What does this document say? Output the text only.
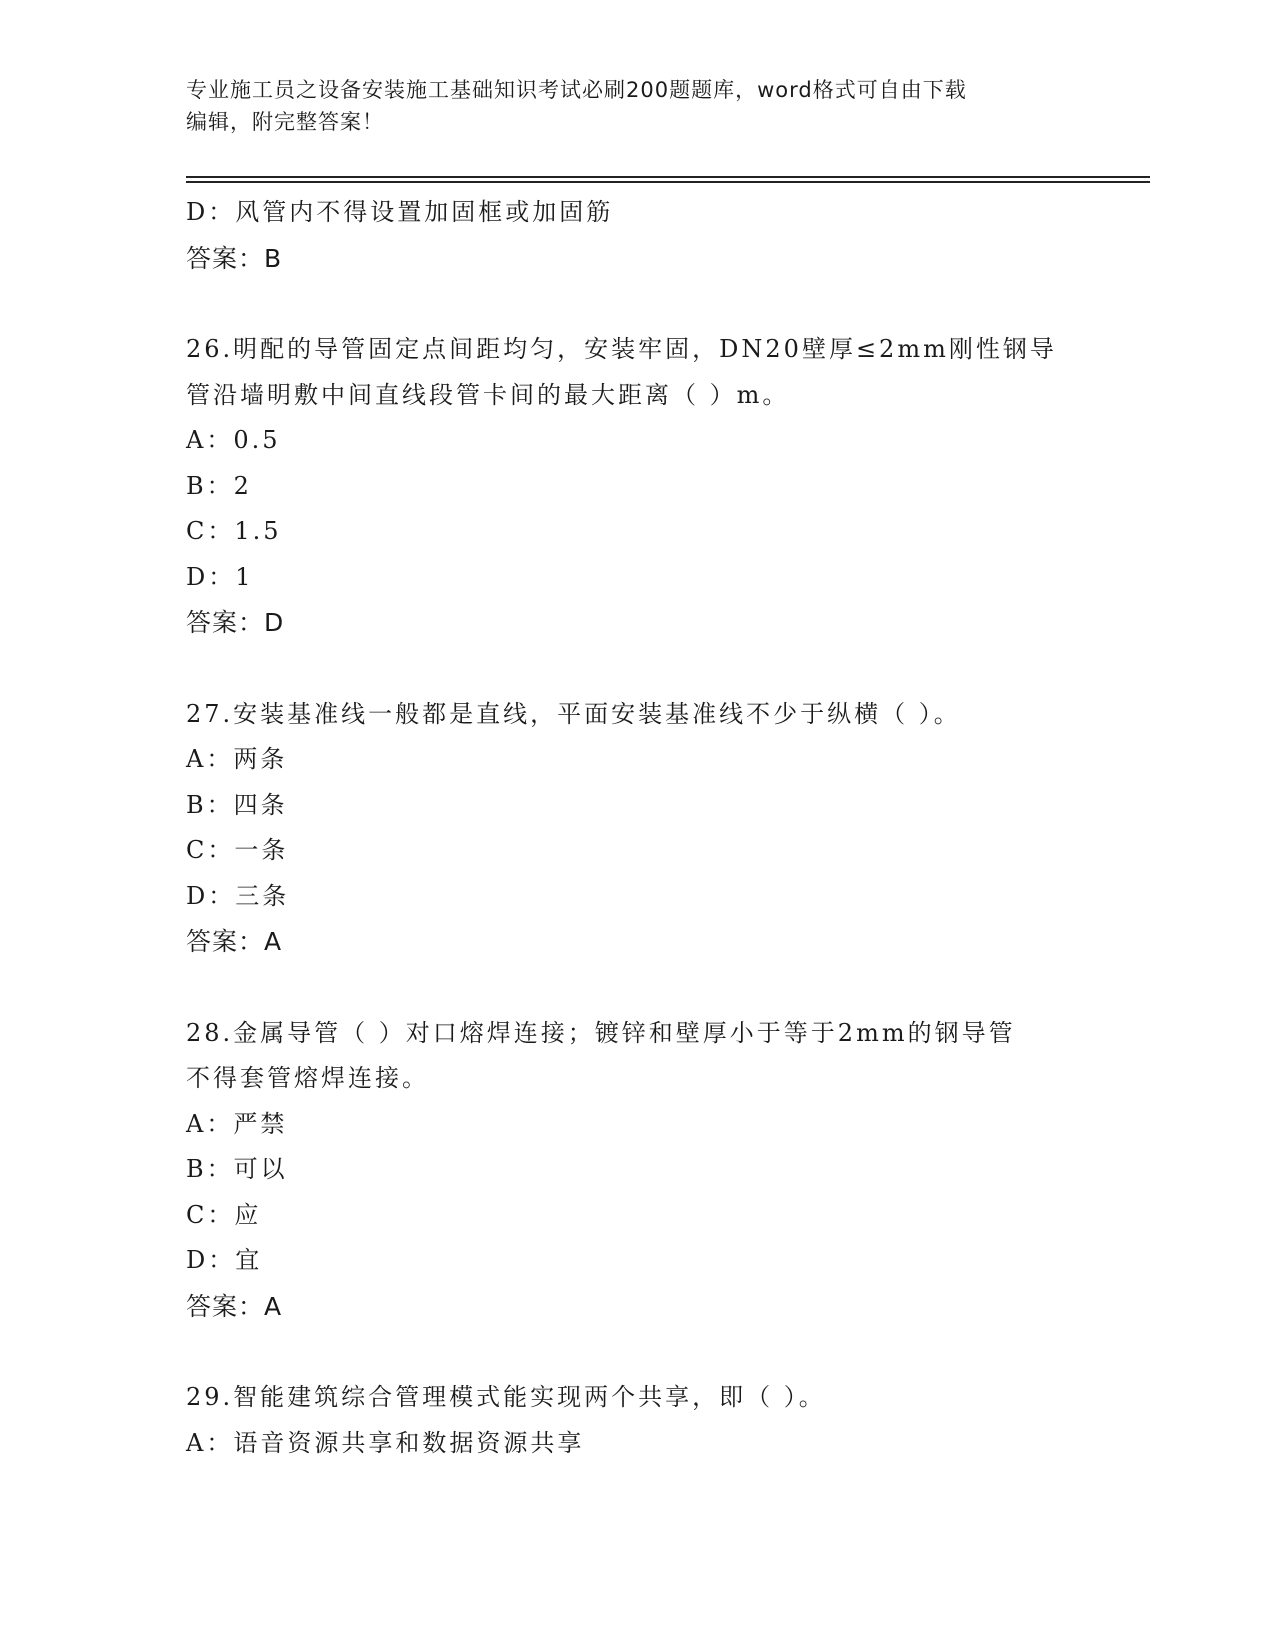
专业施工员之设备安装施工基础知识考试必刷200题题库，word格式可自由下载
编辑，附完整答案！
D：风管内不得设置加固框或加固筋
答案：B
26.明配的导管固定点间距均匀，安装牢固，DN20壁厚≤2mm刚性钢导
管沿墙明敷中间直线段管卡间的最大距离（ ）m。
A：0.5
B：2
C：1.5
D：1
答案：D
27.安装基准线一般都是直线，平面安装基准线不少于纵横（ ）。
A：两条
B：四条
C：一条
D：三条
答案：A
28.金属导管（ ）对口熔焊连接；镀锌和壁厚小于等于2mm的钢导管
不得套管熔焊连接。
A：严禁
B：可以
C：应
D：宜
答案：A
29.智能建筑综合管理模式能实现两个共享，即（ ）。
A：语音资源共享和数据资源共享
